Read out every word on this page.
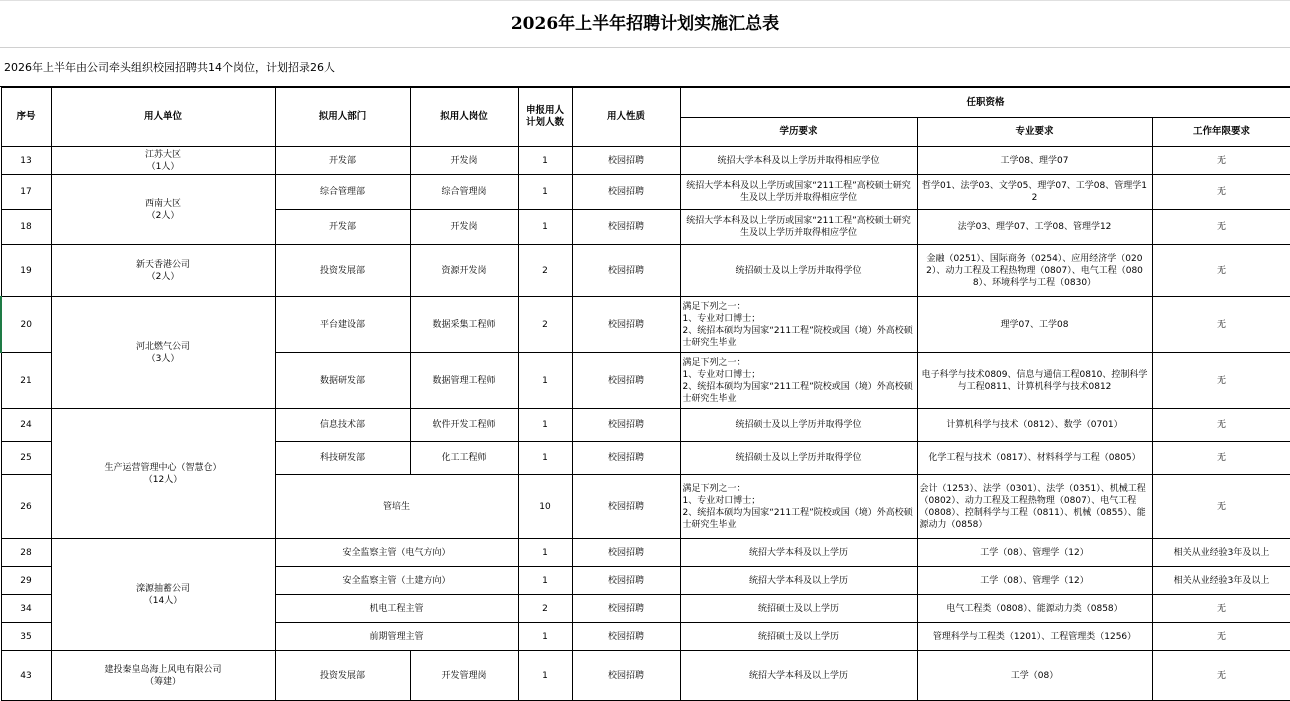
2026年上半年招聘计划实施汇总表
2026年上半年由公司牵头组织校园招聘共14个岗位，计划招录26人
序号	用人单位	拟用人部门	拟用人岗位	申报用人
计划人数	用人性质	任职资格		
						学历要求	专业要求	工作年限要求
13	江苏大区
（1人）	开发部	开发岗	1	校园招聘	统招大学本科及以上学历并取得相应学位	工学08、理学07	无
17	西南大区
（2人）	综合管理部	综合管理岗	1	校园招聘	统招大学本科及以上学历或国家“211工程”高校硕士研究生及以上学历并取得相应学位	哲学01、法学03、文学05、理学07、工学08、管理学12	无
18		开发部	开发岗	1	校园招聘	统招大学本科及以上学历或国家“211工程”高校硕士研究生及以上学历并取得相应学位	法学03、理学07、工学08、管理学12	无
19	新天香港公司
（2人）	投资发展部	资源开发岗	2	校园招聘	统招硕士及以上学历并取得学位	金融（0251）、国际商务（0254）、应用经济学（0202）、动力工程及工程热物理（0807）、电气工程（0808）、环境科学与工程（0830）	无
20	河北燃气公司
（3人）	平台建设部	数据采集工程师	2	校园招聘	满足下列之一：
1、专业对口博士；
2、统招本硕均为国家“211工程”院校或国（境）外高校硕士研究生毕业	理学07、工学08	无
21		数据研发部	数据管理工程师	1	校园招聘	满足下列之一：
1、专业对口博士；
2、统招本硕均为国家“211工程”院校或国（境）外高校硕士研究生毕业	电子科学与技术0809、信息与通信工程0810、控制科学与工程0811、计算机科学与技术0812	无
24	生产运营管理中心（智慧仓）
（12人）	信息技术部	软件开发工程师	1	校园招聘	统招硕士及以上学历并取得学位	计算机科学与技术（0812）、数学（0701）	无
25		科技研发部	化工工程师	1	校园招聘	统招硕士及以上学历并取得学位	化学工程与技术（0817）、材料科学与工程（0805）	无
26		管培生		10	校园招聘	满足下列之一：
1、专业对口博士；
2、统招本硕均为国家“211工程”院校或国（境）外高校硕士研究生毕业	会计（1253）、法学（0301）、法学（0351）、机械工程（0802）、动力工程及工程热物理（0807）、电气工程（0808）、控制科学与工程（0811）、机械（0855）、能源动力（0858）	无
28	滦源抽蓄公司
（14人）	安全监察主管（电气方向）		1	校园招聘	统招大学本科及以上学历	工学（08）、管理学（12）	相关从业经验3年及以上
29		安全监察主管（土建方向）		1	校园招聘	统招大学本科及以上学历	工学（08）、管理学（12）	相关从业经验3年及以上
34		机电工程主管		2	校园招聘	统招硕士及以上学历	电气工程类（0808）、能源动力类（0858）	无
35		前期管理主管		1	校园招聘	统招硕士及以上学历	管理科学与工程类（1201）、工程管理类（1256）	无
43	建投秦皇岛海上风电有限公司
（筹建）	投资发展部	开发管理岗	1	校园招聘	统招大学本科及以上学历	工学（08）	无
